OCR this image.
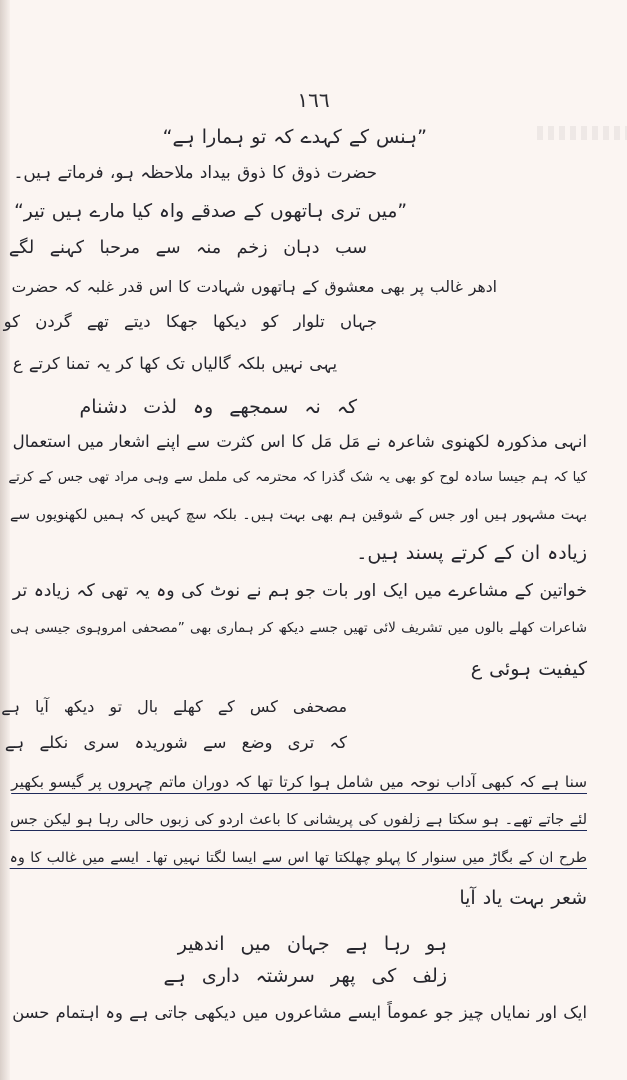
١٦٦
”ہنس کے کہدے کہ تو ہمارا ہے“
حضرت ذوق کا ذوق بیداد ملاحظہ ہو، فرماتے ہیں۔
”میں تری ہاتھوں کے صدقے واہ کیا مارے ہیں تیر“
سب دہان زخم منہ سے مرحبا کہنے لگے
ادھر غالب پر بھی معشوق کے ہاتھوں شہادت کا اس قدر غلبہ کہ حضرت
جہاں تلوار کو دیکھا جھکا دیتے تھے گردن کو
یہی نہیں بلکہ گالیاں تک کھا کر یہ تمنا کرتے ع
کہ نہ سمجھے وہ لذت دشنام
انہی مذکورہ لکھنوی شاعرہ نے مَل مَل کا اس کثرت سے اپنے اشعار میں استعمال
کیا کہ ہم جیسا سادہ لوح کو بھی یہ شک گذرا کہ محترمہ کی ململ سے وہی مراد تھی جس کے کرتے
بہت مشہور ہیں اور جس کے شوقین ہم بھی بہت ہیں۔ بلکہ سچ کہیں کہ ہمیں لکھنویوں سے
زیادہ ان کے کرتے پسند ہیں۔
خواتین کے مشاعرے میں ایک اور بات جو ہم نے نوٹ کی وہ یہ تھی کہ زیادہ تر
شاعرات کھلے بالوں میں تشریف لائی تھیں جسے دیکھ کر ہماری بھی ”مصحفی امروہوی جیسی ہی
کیفیت ہوئی ع
مصحفی کس کے کھلے بال تو دیکھ آیا ہے
کہ تری وضع سے شوریدہ سری نکلے ہے
سنا ہے کہ کبھی آداب نوحہ میں شامل ہوا کرتا تھا کہ دوران ماتم چہروں پر گیسو بکھیر
لئے جاتے تھے۔ ہو سکتا ہے زلفوں کی پریشانی کا باعث اردو کی زبوں حالی رہا ہو لیکن جس
طرح ان کے بگاڑ میں سنوار کا پہلو چھلکتا تھا اس سے ایسا لگتا نہیں تھا۔ ایسے میں غالب کا وہ
شعر بہت یاد آیا
ہو رہا ہے جہان میں اندھیر
زلف کی پھر سرشتہ داری ہے
ایک اور نمایاں چیز جو عموماً ایسے مشاعروں میں دیکھی جاتی ہے وہ اہتمام حسن
